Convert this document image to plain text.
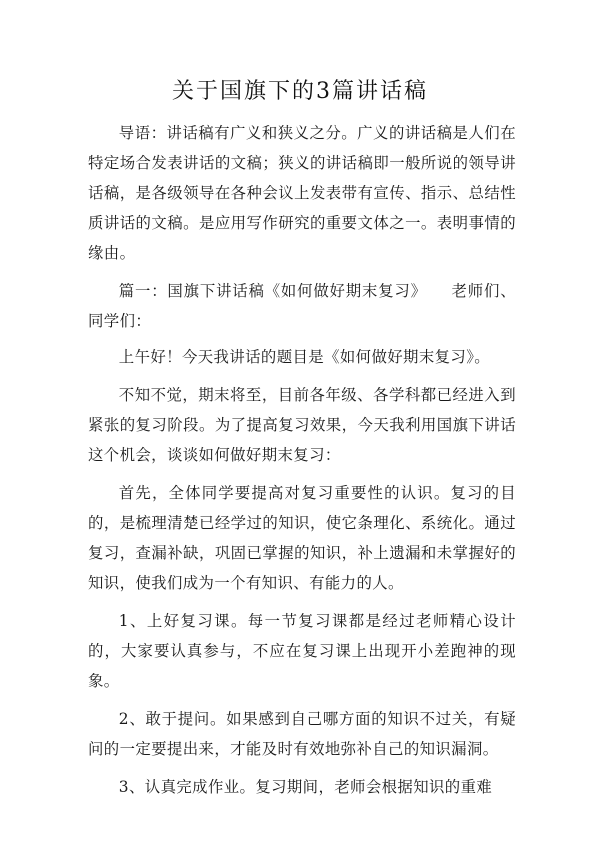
关于国旗下的3篇讲话稿

导语：讲话稿有广义和狭义之分。广义的讲话稿是人们在特定场合发表讲话的文稿；狭义的讲话稿即一般所说的领导讲话稿，是各级领导在各种会议上发表带有宣传、指示、总结性质讲话的文稿。是应用写作研究的重要文体之一。表明事情的缘由。

篇一：国旗下讲话稿《如何做好期末复习》　　老师们、同学们：

上午好！今天我讲话的题目是《如何做好期末复习》。

不知不觉，期末将至，目前各年级、各学科都已经进入到紧张的复习阶段。为了提高复习效果，今天我利用国旗下讲话这个机会，谈谈如何做好期末复习：

首先，全体同学要提高对复习重要性的认识。复习的目的，是梳理清楚已经学过的知识，使它条理化、系统化。通过复习，查漏补缺，巩固已掌握的知识，补上遗漏和未掌握好的知识，使我们成为一个有知识、有能力的人。

1、上好复习课。每一节复习课都是经过老师精心设计的，大家要认真参与，不应在复习课上出现开小差跑神的现象。

2、敢于提问。如果感到自己哪方面的知识不过关，有疑问的一定要提出来，才能及时有效地弥补自己的知识漏洞。

3、认真完成作业。复习期间，老师会根据知识的重难
